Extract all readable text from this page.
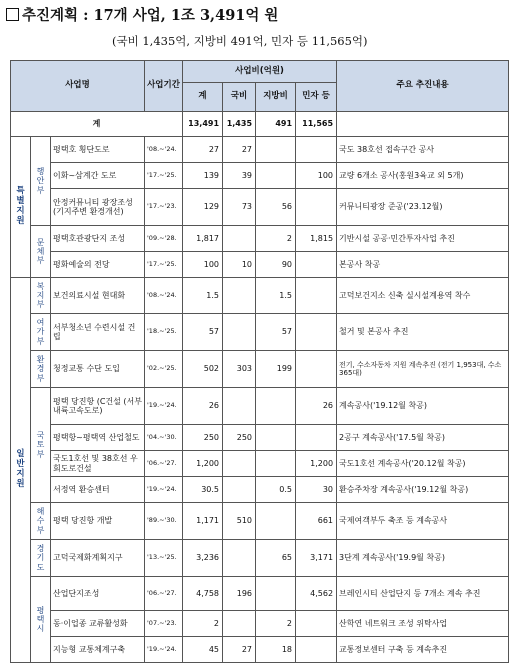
추진계획 : 17개 사업, 1조 3,491억 원
(국비 1,435억, 지방비 491억, 민자 등 11,565억)
사업명			사업기간	사업비(억원)				주요 추진내용
				계	국비	지방비	민자 등	
계				13,491	1,435	491	11,565	
특별지원	행안부	평택호 횡단도로	'08.~'24.	27	27			국도 38호선 접속구간 공사
		이화~삼계간 도로	'17.~'25.	139	39		100	교량 6개소 공사(홍원3육교 외 5개)
		안정커뮤니티 광장조성 (기지주변 환경개선)	'17.~'23.	129	73	56		커뮤니티광장 준공('23.12월)
	문체부	평택호관광단지 조성	'09.~'28.	1,817		2	1,815	기반시설 공공·민간투자사업 추진
		평화예술의 전당	'17.~'25.	100	10	90		본공사 착공
일반지원	복지부	보건의료시설 현대화	'08.~'24.	1.5		1.5		고덕보건지소 신축 실시설계용역 착수
	여가부	서부청소년 수련시설 건립	'18.~'25.	57		57		철거 및 본공사 추진
	환경부	청정교통 수단 도입	'02.~'25.	502	303	199		전기, 수소자동차 지원 계속추진 (전기 1,953대, 수소 365대)
	국토부	평택 당진항 (C건설 (서부내륙고속도로)	'19.~'24.	26			26	계속공사('19.12월 착공)
		평택항~평택역 산업철도	'04.~'30.	250	250			2공구 계속공사('17.5월 착공)
		국도1호선 및 38호선 우회도로건설	'06.~'27.	1,200			1,200	국도1호선 계속공사('20.12월 착공)
		서정역 환승센터	'19.~'24.	30.5		0.5	30	환승주차장 계속공사('19.12월 착공)
	해수부	평택 당진항 개발	'89.~'30.	1,171	510		661	국제여객부두 축조 등 계속공사
	경기도	고덕국제화계획지구	'13.~'25.	3,236		65	3,171	3단계 계속공사('19.9월 착공)
	평택시	산업단지조성	'06.~'27.	4,758	196		4,562	브레인시티 산업단지 등 7개소 계속 추진
		동·이업종 교류활성화	'07.~'23.	2		2		산학연 네트워크 조성 위탁사업
		지능형 교통체계구축	'19.~'24.	45	27	18		교통정보센터 구축 등 계속추진
